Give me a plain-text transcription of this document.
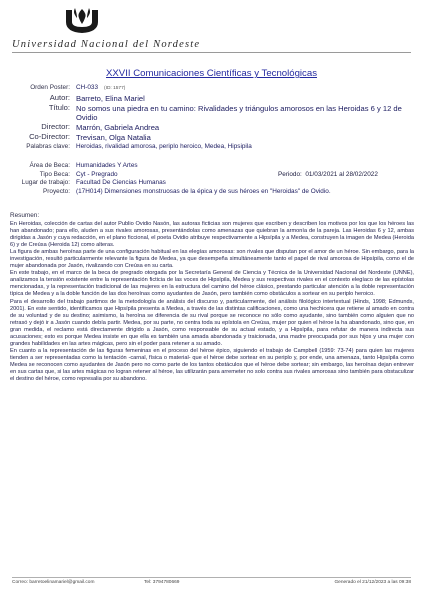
Universidad Nacional del Nordeste
XXVII Comunicaciones Científicas y Tecnológicas
Orden Poster: CH-033 (ID: 1577)
Autor: Barreto, Elina Mariel
Título: No somos una piedra en tu camino: Rivalidades y triángulos amorosos en las Heroidas 6 y 12 de Ovidio
Director: Marrón, Gabriela Andrea
Co-Director: Trevisan, Olga Natalia
Palabras clave: Heroidas, rivalidad amorosa, periplo heroico, Medea, Hipsipila
Área de Beca: Humanidades Y Artes
Tipo Beca: Cyt - Pregrado	Periodo: 01/03/2021 al 28/02/2022
Lugar de trabajo: Facultad De Ciencias Humanas
Proyecto: (17H014) Dimensiones monstruosas de la épica y de sus héroes en "Heroidas" de Ovidio.
Resumen:

En Heroidas, colección de cartas del autor Publio Ovidio Nasón, las autoras ficticias son mujeres que escriben y describen los motivos por los que los héroes las han abandonado; para ello, aluden a sus rivales amorosas, presentándolas como amenazas que quiebran la armonía de la pareja. Las Heroidas 6 y 12, ambas dirigidas a Jasón y cuya redacción, en el plano ficcional, el poeta Ovidio atribuye respectivamente a Hipsípila y a Medea, construyen la imagen de Medea (Heroida 6) y de Creúsa (Heroida 12) como alteras.

La figura de ambas heroínas parte de una configuración habitual en las elegías amorosas: son rivales que disputan por el amor de un héroe. Sin embargo, para la investigación, resultó particularmente relevante la figura de Medea, ya que desempeña simultáneamente tanto el papel de rival amorosa de Hipsípila, como el de mujer abandonada por Jasón, rivalizando con Creúsa en su carta.

En este trabajo, en el marco de la beca de pregrado otorgada por la Secretaría General de Ciencia y Técnica de la Universidad Nacional del Nordeste (UNNE), analizamos la tensión existente entre la representación ficticia de las voces de Hipsípila, Medea y sus respectivas rivales en el contexto elegíaco de las epístolas mencionadas, y la representación tradicional de las mujeres en la estructura del camino del héroe clásico, prestando particular atención a la doble representación típica de Medea y a la doble función de las dos heroínas como ayudantes de Jasón, pero también como obstáculos a sortear en su periplo heroico.

Para el desarrollo del trabajo partimos de la metodología de análisis del discurso y, particularmente, del análisis filológico intertextual (Hinds, 1998; Edmunds, 2001). En este sentido, identificamos que Hipsípila presenta a Medea, a través de las distintas calificaciones, como una hechicera que retiene al amado en contra de su voluntad y de su destino; asimismo, la heroína se diferencia de su rival porque se reconoce no sólo como ayudante, sino también como alguien que no retrasó y dejó ir a Jasón cuando debía partir. Medea, por su parte, no centra toda su epístola en Creúsa, mujer por quien el héroe la ha abandonado, sino que, en gran medida, el reclamo está directamente dirigido a Jasón, como responsable de su actual estado, y a Hipsípila, para refutar de manera indirecta sus acusaciones; esto es porque Medea insiste en que ella es también una amada abandonada y traicionada, una madre preocupada por sus hijos y una mujer con grandes habilidades en las artes mágicas, pero sin el poder para retener a su amado.

En cuanto a la representación de las figuras femeninas en el proceso del héroe épico, siguiendo el trabajo de Campbell (1959: 73-74) para quien las mujeres tienden a ser representadas como la tentación -carnal, física o material- que el héroe debe sortear en su periplo y, por ende, una amenaza, tanto Hipsípila como Medea se reconocen como ayudantes de Jasón pero no como parte de los tantos obstáculos que el héroe debe sortear; sin embargo, las heroínas dejan entrever en sus cartas que, si las artes mágicas no logran retener al héroe, las utilizarán para arremeter no solo contra sus rivales amorosas sino también para obstaculizar el destino del héroe, como represalia por su abandono.

Correo: barretoelinamariel@gmail.com	Tel: 3794780669	Generado el 21/12/2023 a las 09:38
